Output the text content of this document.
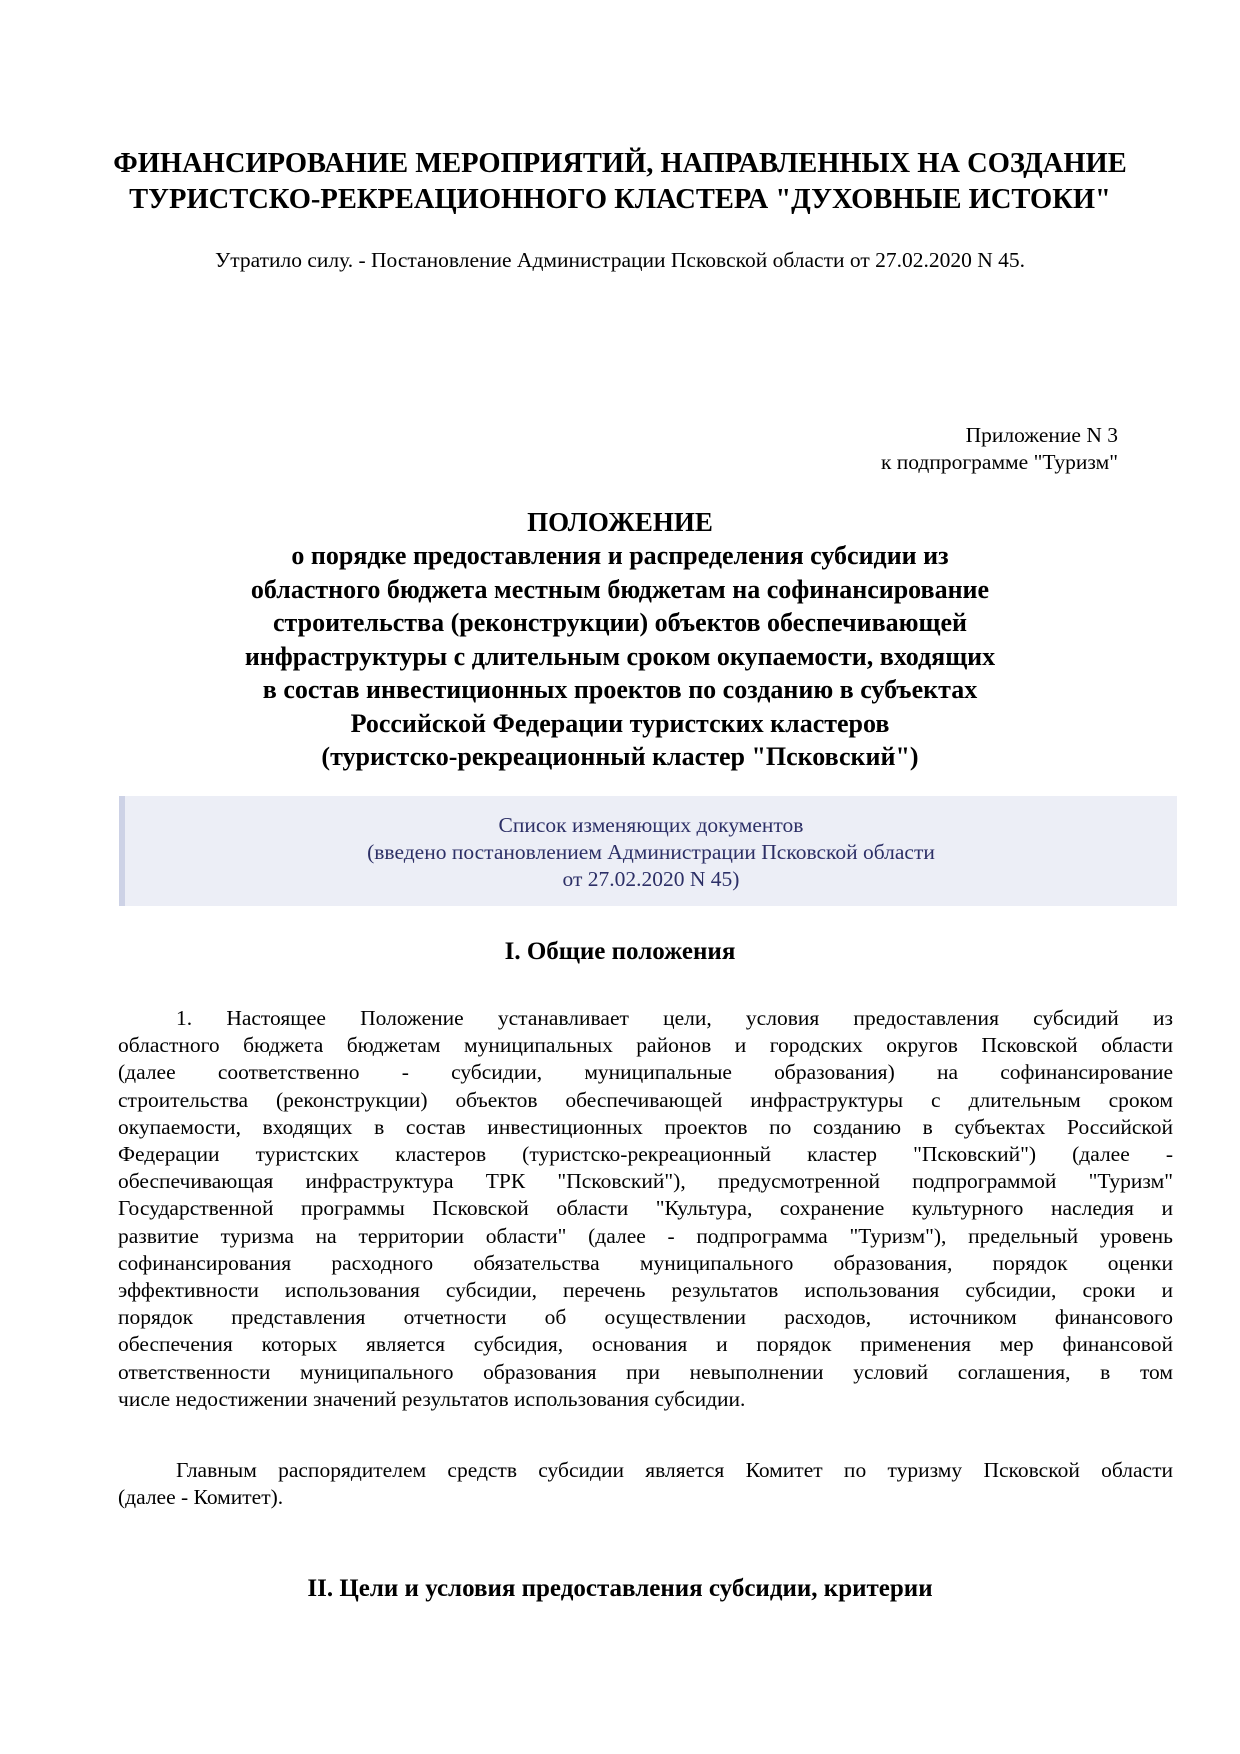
ФИНАНСИРОВАНИЕ МЕРОПРИЯТИЙ, НАПРАВЛЕННЫХ НА СОЗДАНИЕ
ТУРИСТСКО-РЕКРЕАЦИОННОГО КЛАСТЕРА "ДУХОВНЫЕ ИСТОКИ"
Утратило силу. - Постановление Администрации Псковской области от 27.02.2020 N 45.
Приложение N 3
к подпрограмме "Туризм"
ПОЛОЖЕНИЕ
о порядке предоставления и распределения субсидии из
областного бюджета местным бюджетам на софинансирование
строительства (реконструкции) объектов обеспечивающей
инфраструктуры с длительным сроком окупаемости, входящих
в состав инвестиционных проектов по созданию в субъектах
Российской Федерации туристских кластеров
(туристско-рекреационный кластер "Псковский")
Список изменяющих документов
(введено постановлением Администрации Псковской области
от 27.02.2020 N 45)
I. Общие положения
1. Настоящее Положение устанавливает цели, условия предоставления субсидий из
областного бюджета бюджетам муниципальных районов и городских округов Псковской области
(далее соответственно - субсидии, муниципальные образования) на софинансирование
строительства (реконструкции) объектов обеспечивающей инфраструктуры с длительным сроком
окупаемости, входящих в состав инвестиционных проектов по созданию в субъектах Российской
Федерации туристских кластеров (туристско-рекреационный кластер "Псковский") (далее -
обеспечивающая инфраструктура ТРК "Псковский"), предусмотренной подпрограммой "Туризм"
Государственной программы Псковской области "Культура, сохранение культурного наследия и
развитие туризма на территории области" (далее - подпрограмма "Туризм"), предельный уровень
софинансирования расходного обязательства муниципального образования, порядок оценки
эффективности использования субсидии, перечень результатов использования субсидии, сроки и
порядок представления отчетности об осуществлении расходов, источником финансового
обеспечения которых является субсидия, основания и порядок применения мер финансовой
ответственности муниципального образования при невыполнении условий соглашения, в том
числе недостижении значений результатов использования субсидии.
Главным распорядителем средств субсидии является Комитет по туризму Псковской области
(далее - Комитет).
II. Цели и условия предоставления субсидии, критерии
